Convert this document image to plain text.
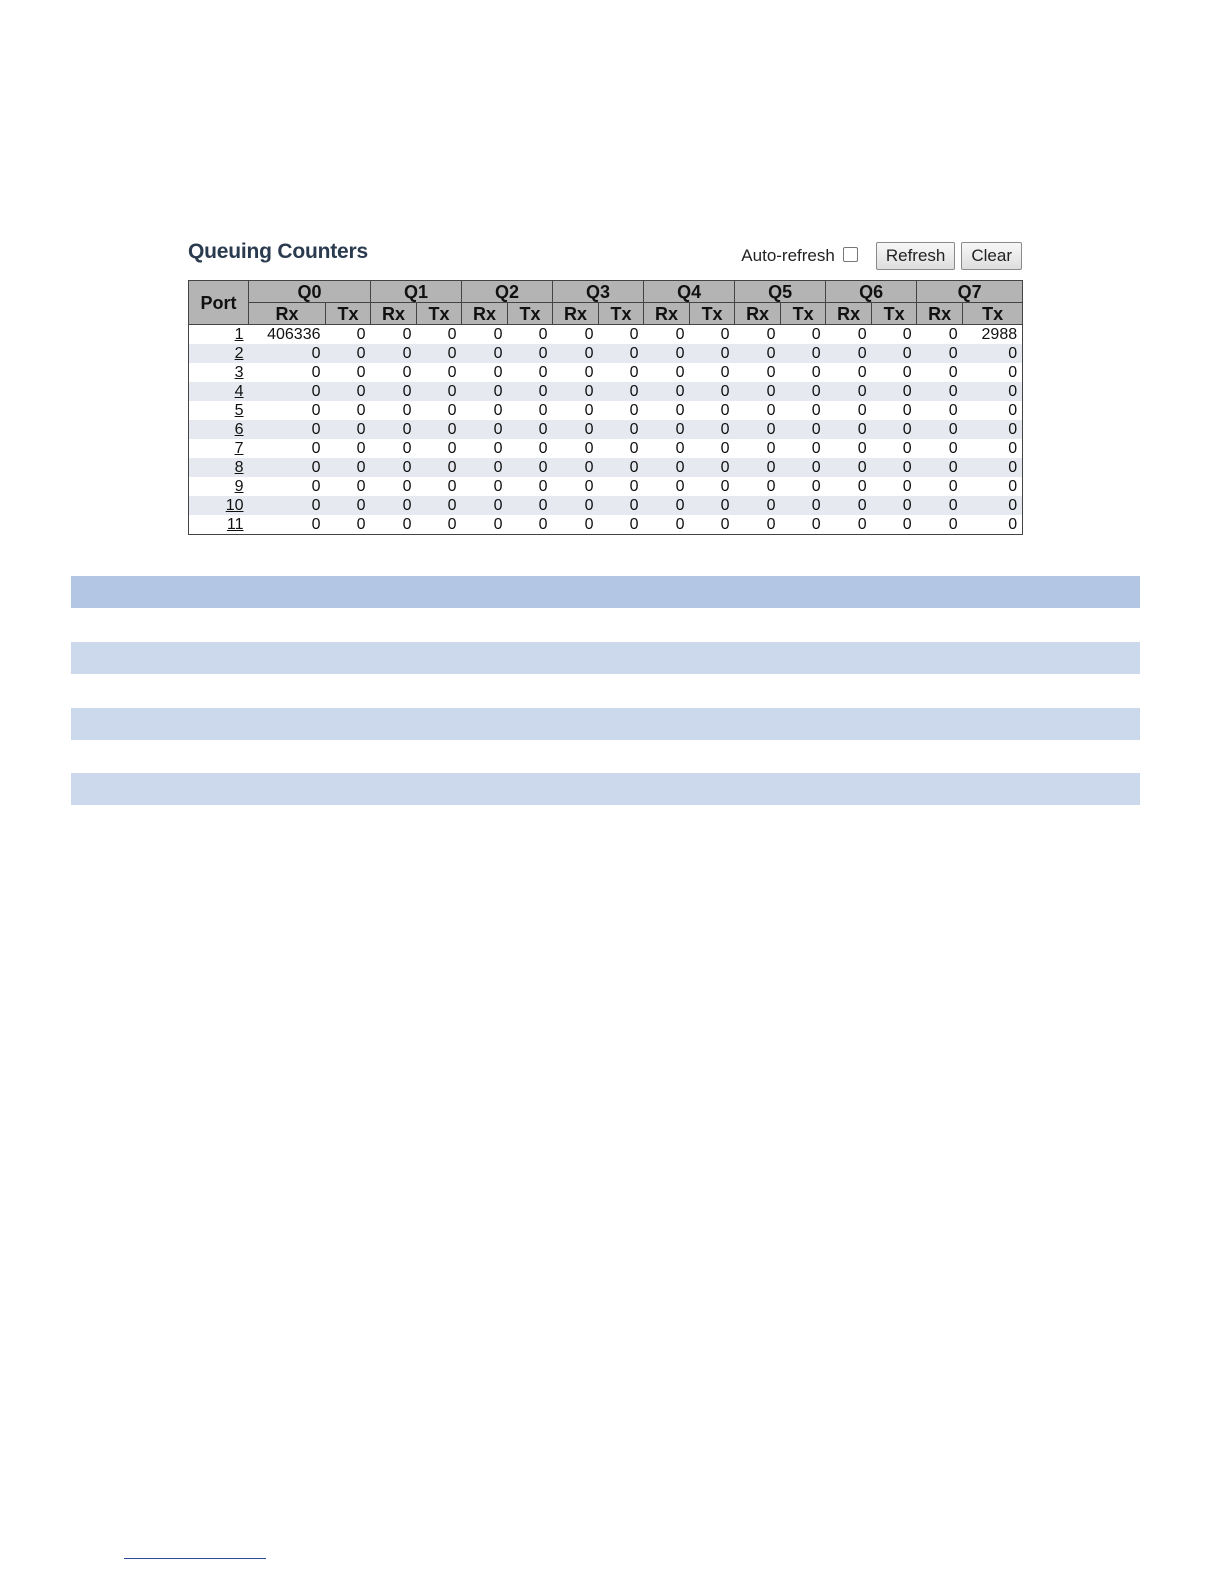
Queuing Counters	Auto-refresh	Refresh	Clear
Port	Q0		Q1		Q2		Q3		Q4		Q5		Q6		Q7	
	Rx	Tx	Rx	Tx	Rx	Tx	Rx	Tx	Rx	Tx	Rx	Tx	Rx	Tx	Rx	Tx
1	406336	0	0	0	0	0	0	0	0	0	0	0	0	0	0	2988
2	0	0	0	0	0	0	0	0	0	0	0	0	0	0	0	0
3	0	0	0	0	0	0	0	0	0	0	0	0	0	0	0	0
4	0	0	0	0	0	0	0	0	0	0	0	0	0	0	0	0
5	0	0	0	0	0	0	0	0	0	0	0	0	0	0	0	0
6	0	0	0	0	0	0	0	0	0	0	0	0	0	0	0	0
7	0	0	0	0	0	0	0	0	0	0	0	0	0	0	0	0
8	0	0	0	0	0	0	0	0	0	0	0	0	0	0	0	0
9	0	0	0	0	0	0	0	0	0	0	0	0	0	0	0	0
10	0	0	0	0	0	0	0	0	0	0	0	0	0	0	0	0
11	0	0	0	0	0	0	0	0	0	0	0	0	0	0	0	0
